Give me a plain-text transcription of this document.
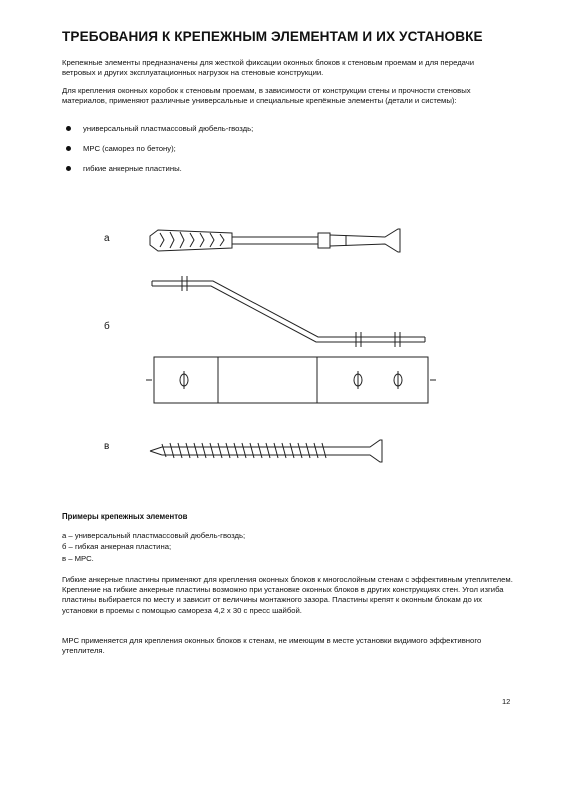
ТРЕБОВАНИЯ К КРЕПЕЖНЫМ ЭЛЕМЕНТАМ И ИХ УСТАНОВКЕ

Крепежные элементы предназначены для жесткой фиксации оконных блоков к стеновым проемам и для передачи ветровых и других эксплуатационных нагрузок на стеновые конструкции.

Для крепления оконных коробок к стеновым проемам, в зависимости от конструкции стены и прочности стеновых материалов, применяют различные универсальные и специальные крепёжные элементы (детали и системы):

универсальный пластмассовый дюбель-гвоздь;
МРС (саморез по бетону);
гибкие анкерные пластины.
а
б
в
Примеры крепежных элементов
а – универсальный пластмассовый дюбель-гвоздь;
б – гибкая анкерная пластина;
в – МРС.

Гибкие анкерные пластины применяют для крепления оконных блоков к многослойным стенам с эффективным утеплителем. Крепление на гибкие анкерные пластины возможно при установке оконных блоков в других конструкциях стен. Угол изгиба пластины выбирается по месту и зависит от величины монтажного зазора. Пластины крепят к оконным блокам до их установки в проемы с помощью самореза 4,2 х 30 с пресс шайбой.

МРС применяется для крепления оконных блоков к стенам, не имеющим в месте установки видимого эффективного утеплителя.

12
